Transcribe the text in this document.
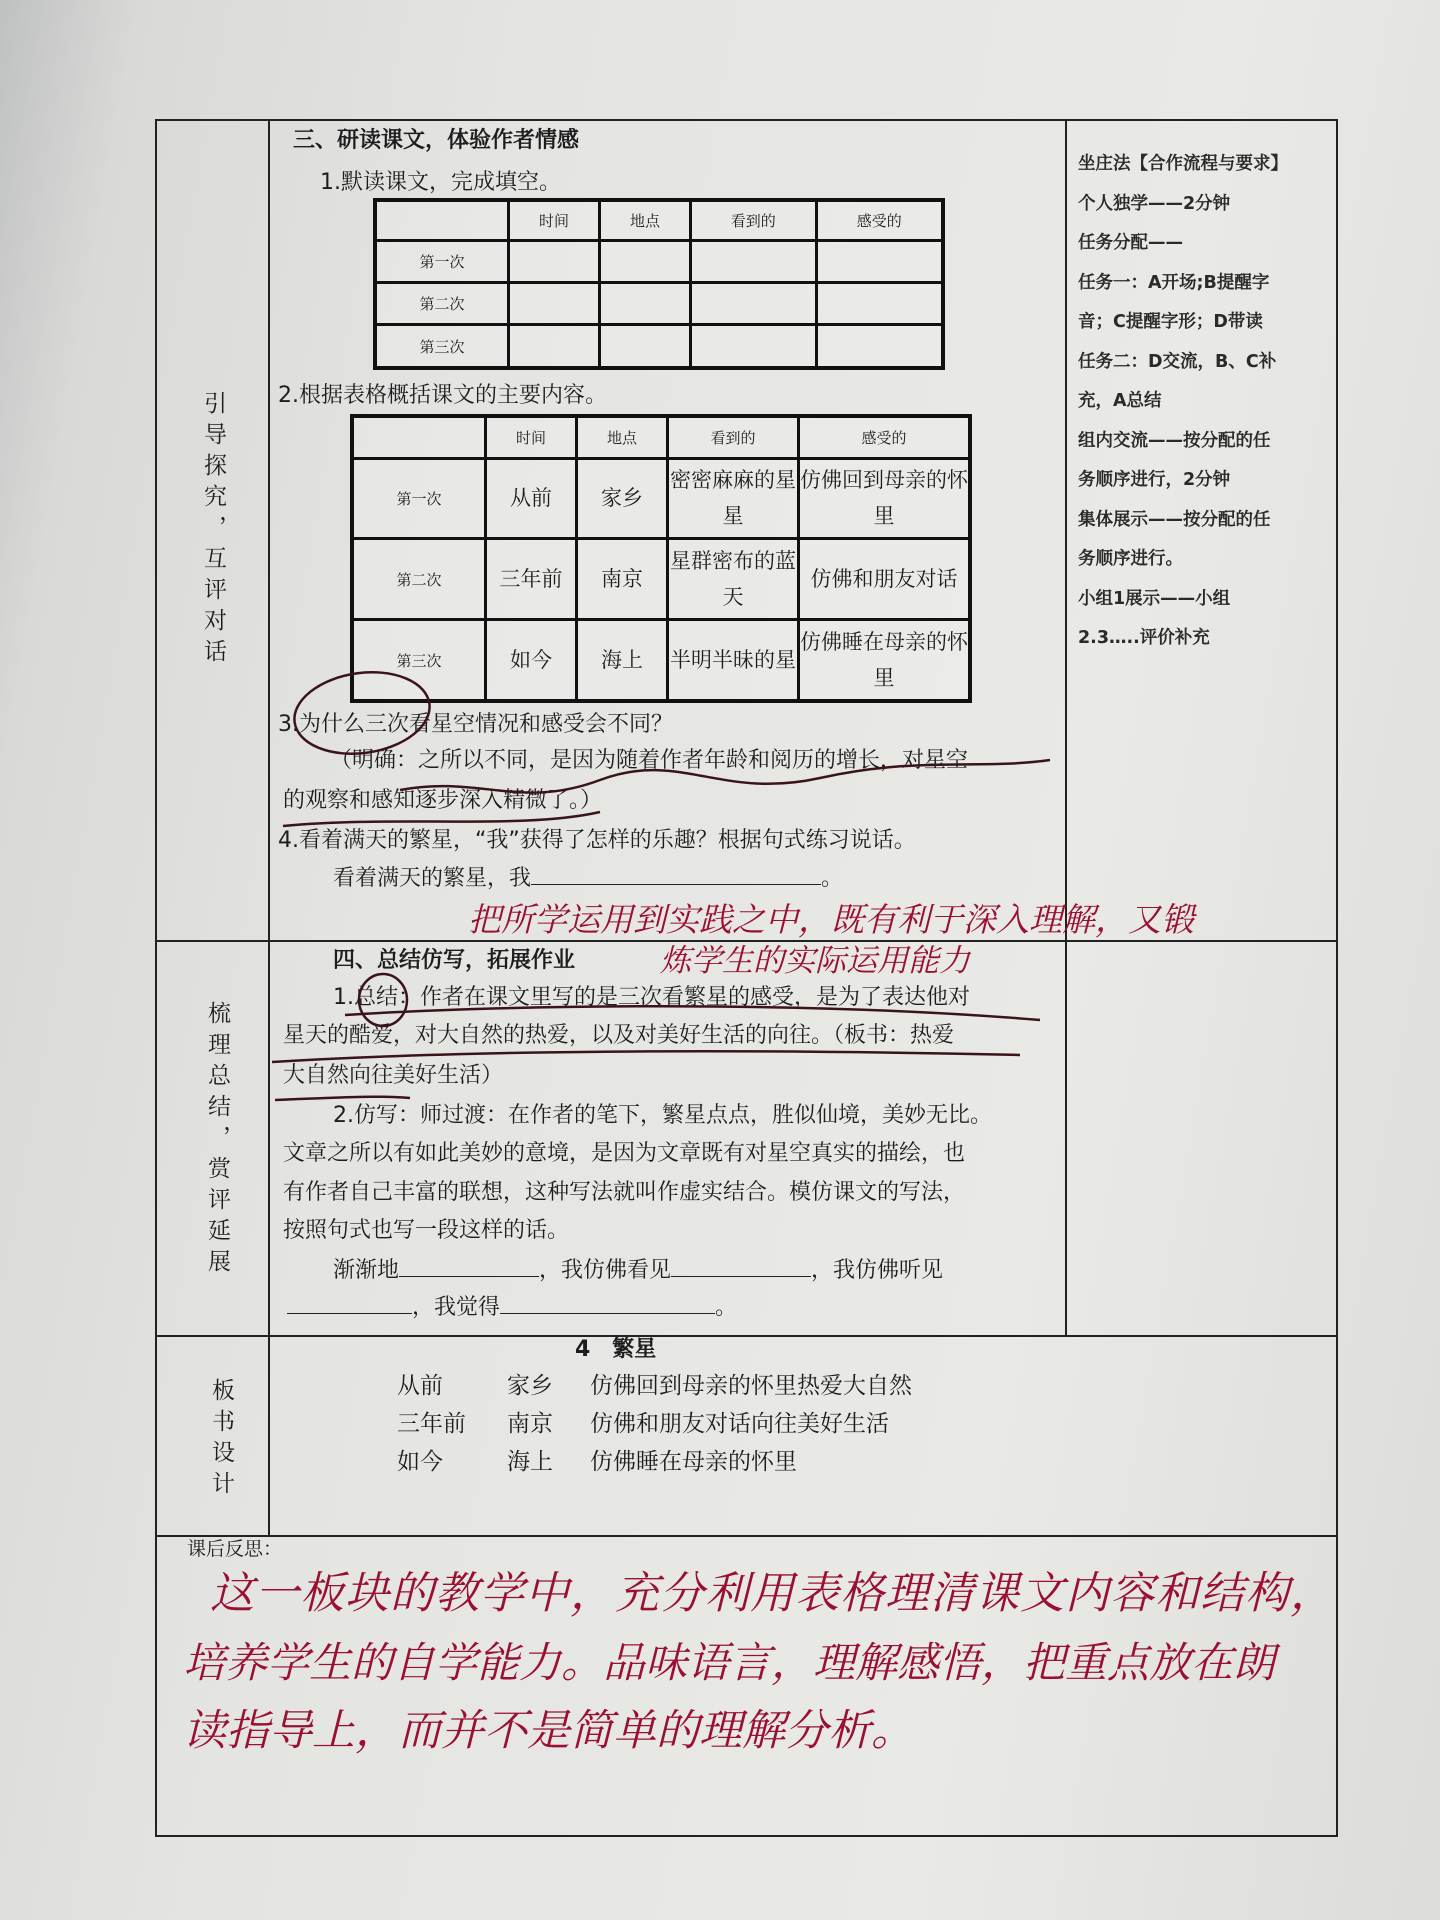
引导探究，互评对话
梳理总结，赏评延展
板书设计
三、研读课文，体验作者情感
1.默读课文，完成填空。
	时间	地点	看到的	感受的
第一次				
第二次				
第三次				
2.根据表格概括课文的主要内容。
	时间	地点	看到的	感受的
第一次	从前	家乡	密密麻麻的星星	仿佛回到母亲的怀里
第二次	三年前	南京	星群密布的蓝天	仿佛和朋友对话
第三次	如今	海上	半明半昧的星	仿佛睡在母亲的怀里
3.为什么三次看星空情况和感受会不同？
（明确：之所以不同，是因为随着作者年龄和阅历的增长，对星空
的观察和感知逐步深入精微了。）
4.看着满天的繁星，“我”获得了怎样的乐趣？根据句式练习说话。
看着满天的繁星，我	。
坐庄法【合作流程与要求】
个人独学——2分钟
任务分配——
任务一：A开场;B提醒字
音；C提醒字形；D带读
任务二：D交流，B、C补
充，A总结
组内交流——按分配的任
务顺序进行，2分钟
集体展示——按分配的任
务顺序进行。
小组1展示——小组
2.3…..评价补充
四、总结仿写，拓展作业
1.总结：作者在课文里写的是三次看繁星的感受，是为了表达他对
星天的酷爱，对大自然的热爱，以及对美好生活的向往。（板书：热爱
大自然向往美好生活）
2.仿写：师过渡：在作者的笔下，繁星点点，胜似仙境，美妙无比。
文章之所以有如此美妙的意境，是因为文章既有对星空真实的描绘，也
有作者自己丰富的联想，这种写法就叫作虚实结合。模仿课文的写法，
按照句式也写一段这样的话。
渐渐地	，我仿佛看见	，我仿佛听见
，我觉得	。
4　繁星
从前	家乡 仿佛回到母亲的怀里热爱大自然
三年前 南京 仿佛和朋友对话向往美好生活
如今	海上 仿佛睡在母亲的怀里
课后反思：
把所学运用到实践之中，既有利于深入理解，又锻
炼学生的实际运用能力
这一板块的教学中，充分利用表格理清课文内容和结构，
培养学生的自学能力。品味语言，理解感悟，把重点放在朗
读指导上，而并不是简单的理解分析。
